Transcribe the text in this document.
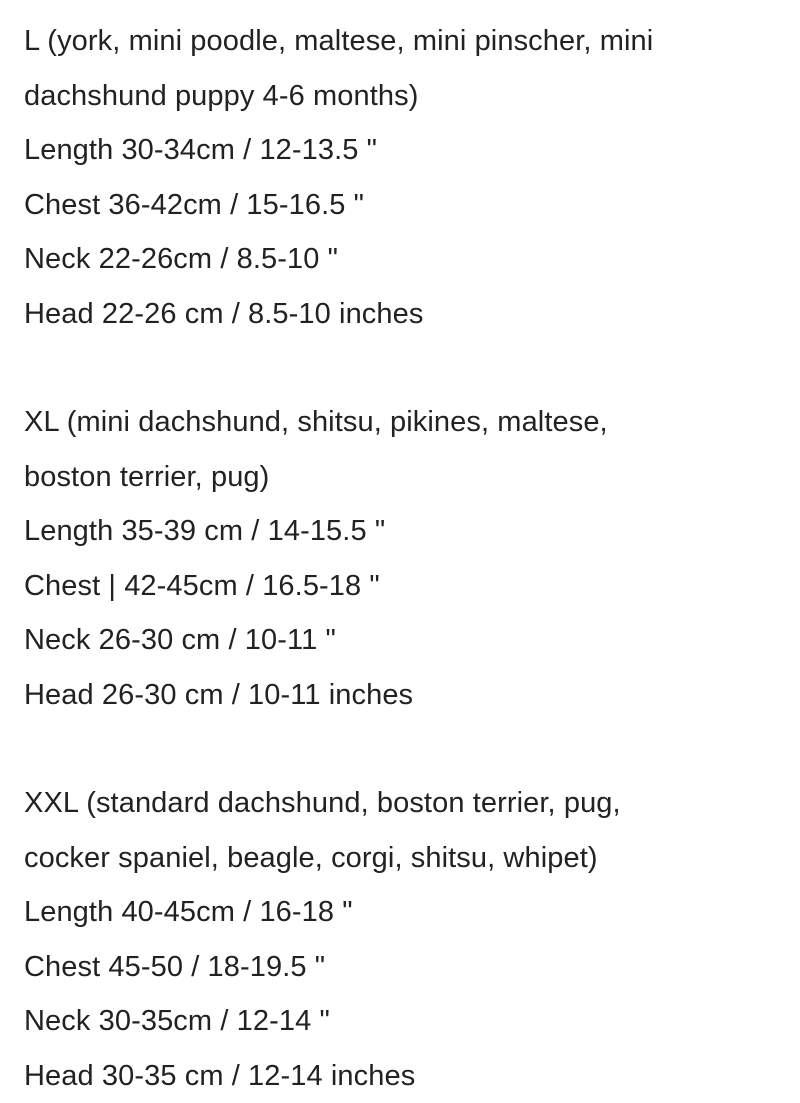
L (york, mini poodle, maltese, mini pinscher, mini
dachshund puppy 4-6 months)
Length 30-34cm / 12-13.5 "
Chest 36-42cm / 15-16.5 "
Neck 22-26cm / 8.5-10 "
Head 22-26 cm / 8.5-10 inches
XL (mini dachshund, shitsu, pikines, maltese,
boston terrier, pug)
Length 35-39 cm / 14-15.5 "
Chest | 42-45cm / 16.5-18 "
Neck 26-30 cm / 10-11 "
Head 26-30 cm / 10-11 inches
XXL (standard dachshund, boston terrier, pug,
cocker spaniel, beagle, corgi, shitsu, whipet)
Length 40-45cm / 16-18 "
Chest 45-50 / 18-19.5 "
Neck 30-35cm / 12-14 "
Head 30-35 cm / 12-14 inches
